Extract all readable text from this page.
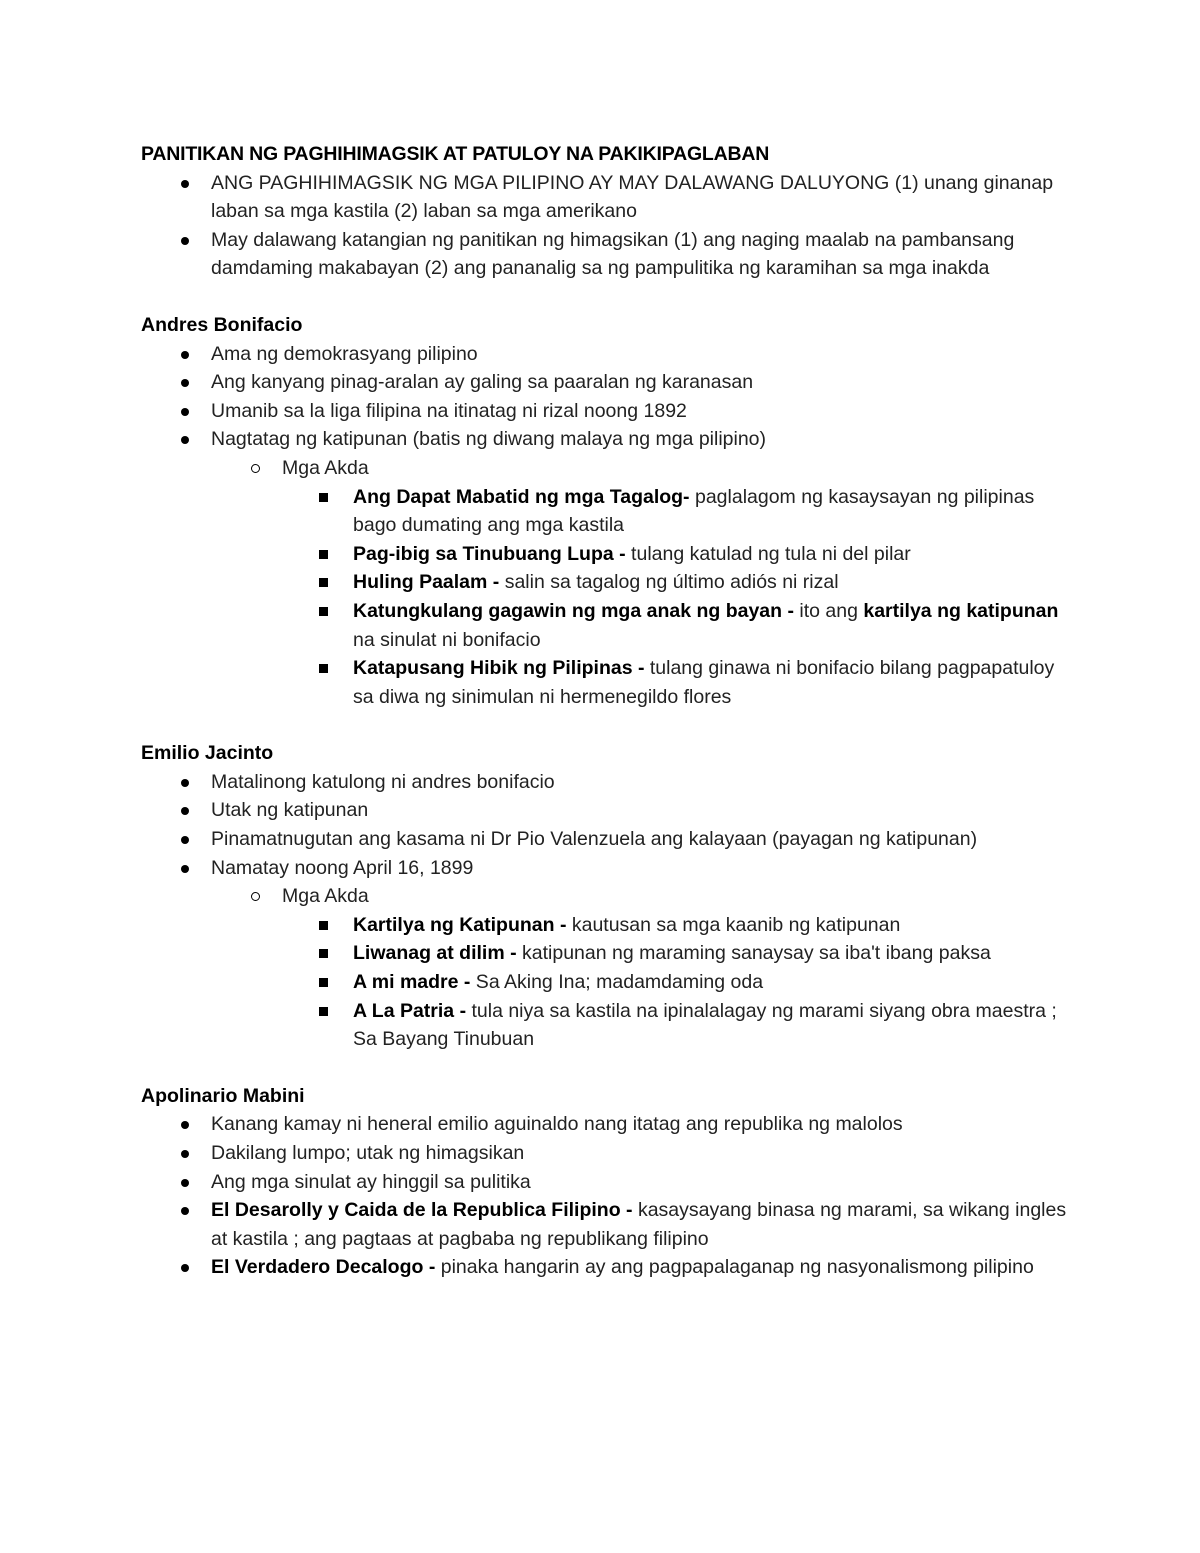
PANITIKAN NG PAGHIHIMAGSIK AT PATULOY NA PAKIKIPAGLABAN

ANG PAGHIHIMAGSIK NG MGA PILIPINO AY MAY DALAWANG DALUYONG (1) unang ginanap laban sa mga kastila (2) laban sa mga amerikano
May dalawang katangian ng panitikan ng himagsikan (1) ang naging maalab na pambansang damdaming makabayan (2) ang pananalig sa ng pampulitika ng karamihan sa mga inakda

Andres Bonifacio

Ama ng demokrasyang pilipino
Ang kanyang pinag-aralan ay galing sa paaralan ng karanasan
Umanib sa la liga filipina na itinatag ni rizal noong 1892
Nagtatag ng katipunan (batis ng diwang malaya ng mga pilipino)
Mga Akda
Ang Dapat Mabatid ng mga Tagalog- paglalagom ng kasaysayan ng pilipinas bago dumating ang mga kastila
Pag-ibig sa Tinubuang Lupa - tulang katulad ng tula ni del pilar
Huling Paalam - salin sa tagalog ng último adiós ni rizal
Katungkulang gagawin ng mga anak ng bayan - ito ang kartilya ng katipunan na sinulat ni bonifacio
Katapusang Hibik ng Pilipinas - tulang ginawa ni bonifacio bilang pagpapatuloy sa diwa ng sinimulan ni hermenegildo flores

Emilio Jacinto

Matalinong katulong ni andres bonifacio
Utak ng katipunan
Pinamatnugutan ang kasama ni Dr Pio Valenzuela ang kalayaan (payagan ng katipunan)
Namatay noong April 16, 1899
Mga Akda
Kartilya ng Katipunan - kautusan sa mga kaanib ng katipunan
Liwanag at dilim - katipunan ng maraming sanaysay sa iba't ibang paksa
A mi madre - Sa Aking Ina; madamdaming oda
A La Patria - tula niya sa kastila na ipinalalagay ng marami siyang obra maestra ; Sa Bayang Tinubuan

Apolinario Mabini

Kanang kamay ni heneral emilio aguinaldo nang itatag ang republika ng malolos
Dakilang lumpo; utak ng himagsikan
Ang mga sinulat ay hinggil sa pulitika
El Desarolly y Caida de la Republica Filipino - kasaysayang binasa ng marami, sa wikang ingles at kastila ; ang pagtaas at pagbaba ng republikang filipino
El Verdadero Decalogo - pinaka hangarin ay ang pagpapalaganap ng nasyonalismong pilipino
